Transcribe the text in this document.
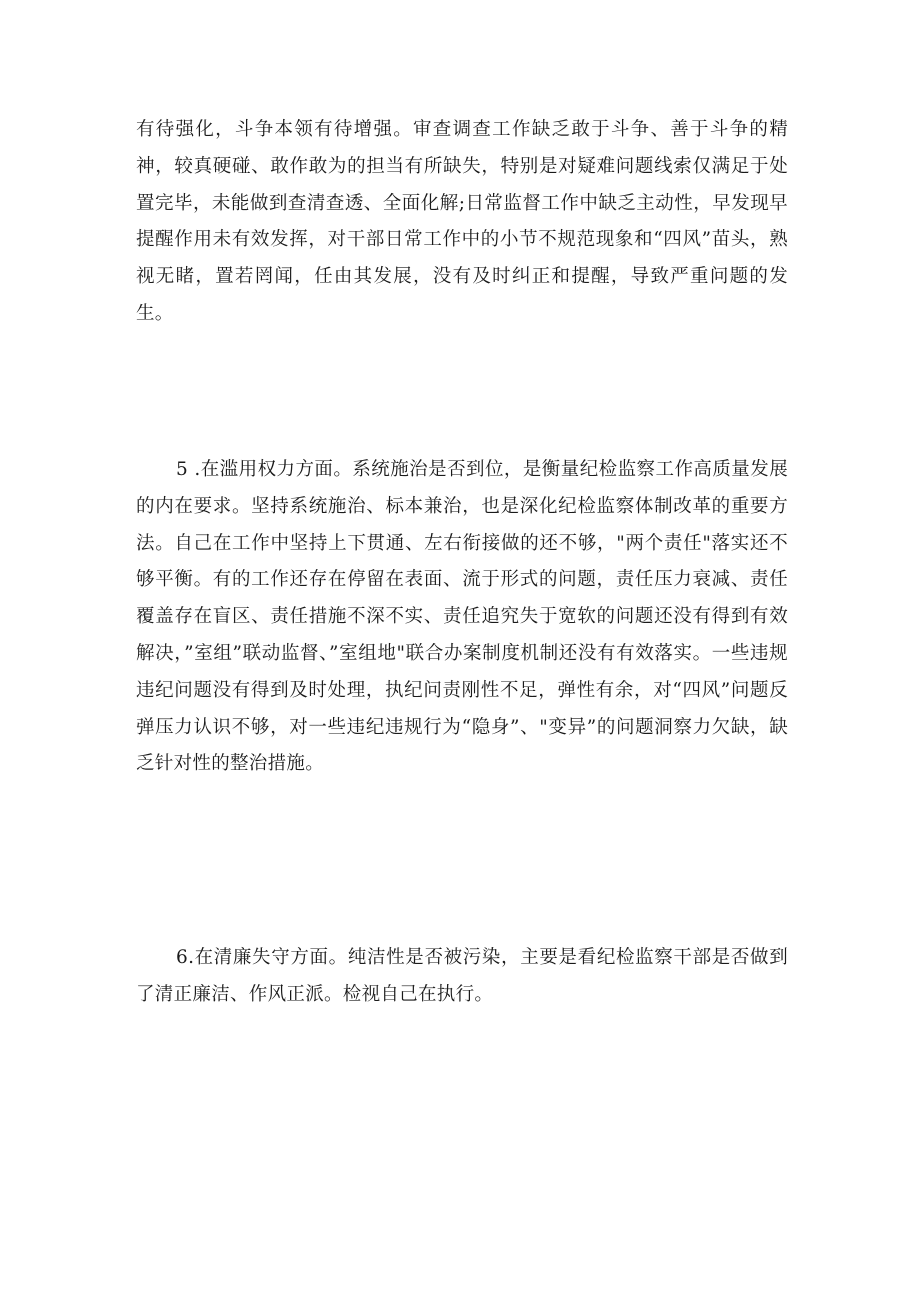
有待强化，斗争本领有待增强。审查调查工作缺乏敢于斗争、善于斗争的精神，较真硬碰、敢作敢为的担当有所缺失，特别是对疑难问题线索仅满足于处置完毕，未能做到查清查透、全面化解;日常监督工作中缺乏主动性，早发现早提醒作用未有效发挥，对干部日常工作中的小节不规范现象和“四风”苗头，熟视无睹，置若罔闻，任由其发展，没有及时纠正和提醒，导致严重问题的发生。

5 .在滥用权力方面。系统施治是否到位，是衡量纪检监察工作高质量发展的内在要求。坚持系统施治、标本兼治，也是深化纪检监察体制改革的重要方法。自己在工作中坚持上下贯通、左右衔接做的还不够，"两个责任"落实还不够平衡。有的工作还存在停留在表面、流于形式的问题，责任压力衰减、责任覆盖存在盲区、责任措施不深不实、责任追究失于宽软的问题还没有得到有效解决，”室组”联动监督、”室组地"联合办案制度机制还没有有效落实。一些违规违纪问题没有得到及时处理，执纪问责刚性不足，弹性有余，对“四风”问题反弹压力认识不够，对一些违纪违规行为“隐身”、"变异”的问题洞察力欠缺，缺乏针对性的整治措施。

6.在清廉失守方面。纯洁性是否被污染，主要是看纪检监察干部是否做到了清正廉洁、作风正派。检视自己在执行。
